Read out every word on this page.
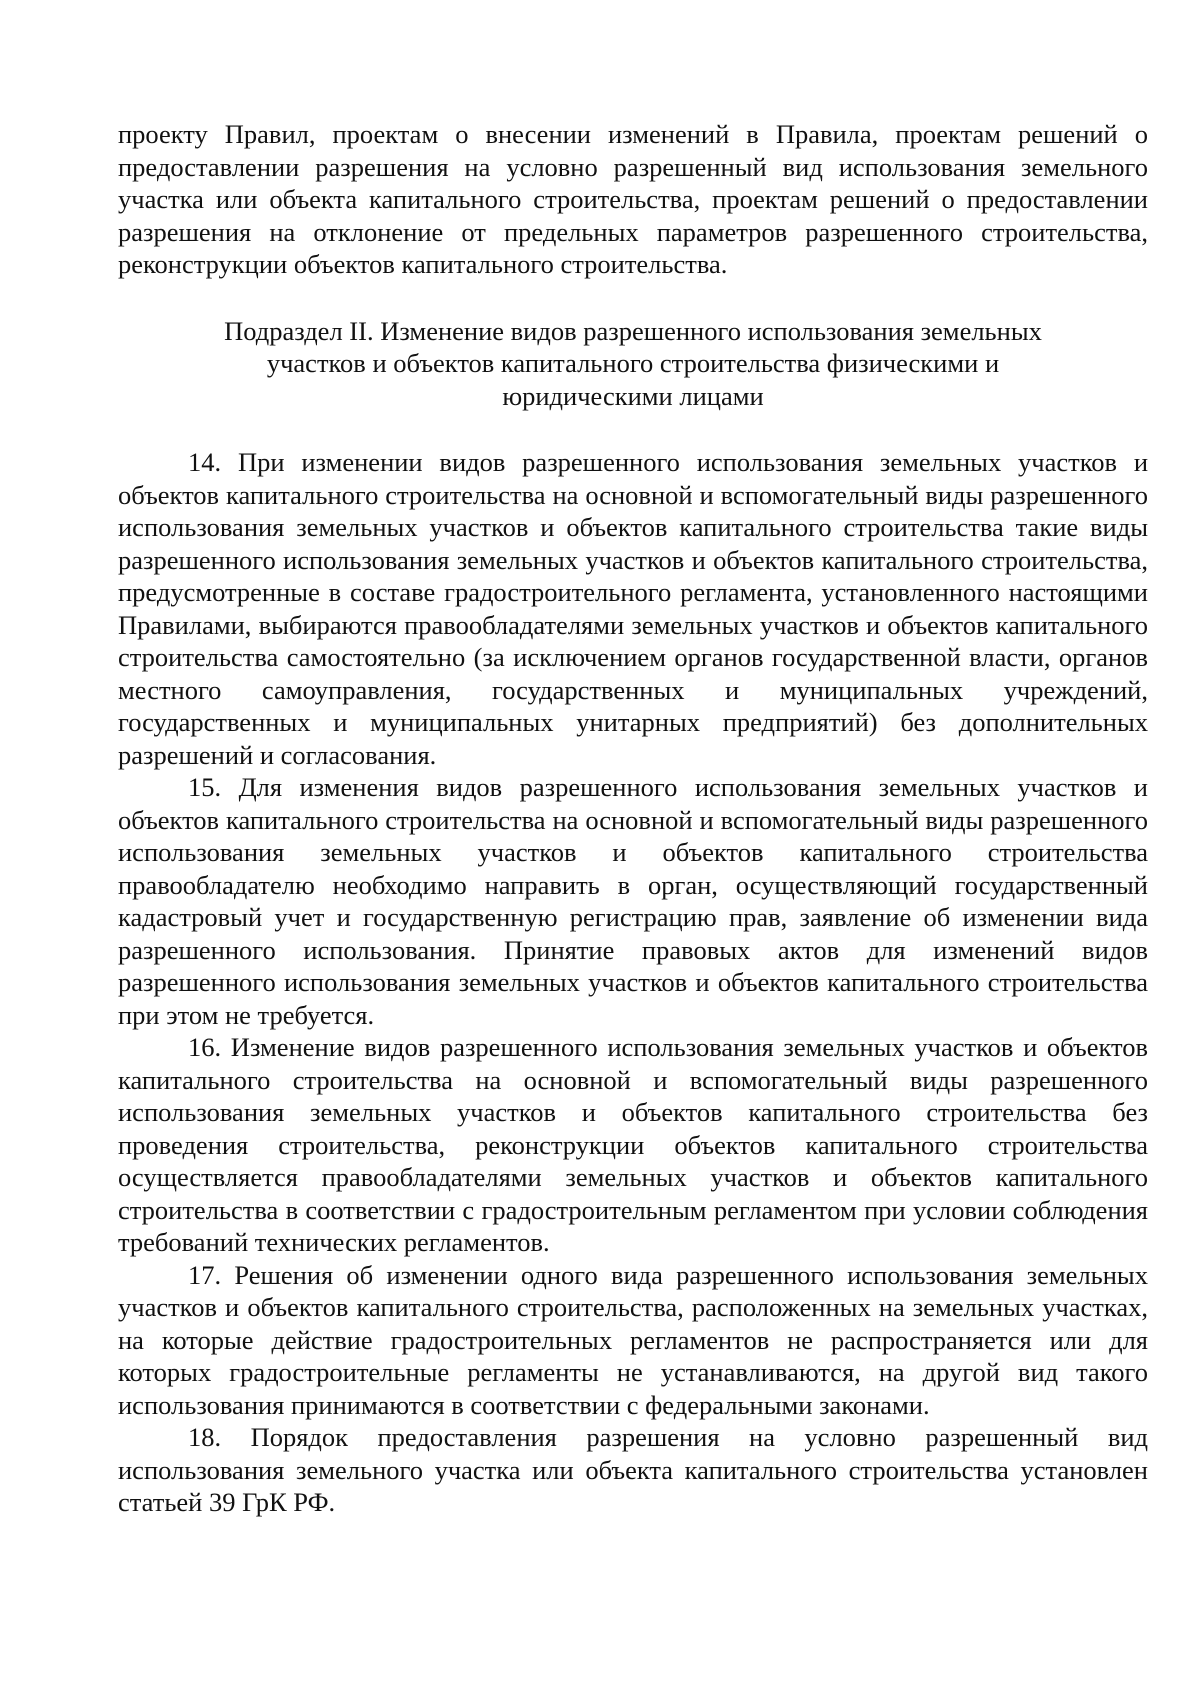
проекту Правил, проектам о внесении изменений в Правила, проектам решений о предоставлении разрешения на условно разрешенный вид использования земельного участка или объекта капитального строительства, проектам решений о предоставлении разрешения на отклонение от предельных параметров разрешенного строительства, реконструкции объектов капитального строительства.

Подраздел II. Изменение видов разрешенного использования земельных участков и объектов капитального строительства физическими и юридическими лицами

14. При изменении видов разрешенного использования земельных участков и объектов капитального строительства на основной и вспомогательный виды разрешенного использования земельных участков и объектов капитального строительства такие виды разрешенного использования земельных участков и объектов капитального строительства, предусмотренные в составе градостроительного регламента, установленного настоящими Правилами, выбираются правообладателями земельных участков и объектов капитального строительства самостоятельно (за исключением органов государственной власти, органов местного самоуправления, государственных и муниципальных учреждений, государственных и муниципальных унитарных предприятий) без дополнительных разрешений и согласования.

15. Для изменения видов разрешенного использования земельных участков и объектов капитального строительства на основной и вспомогательный виды разрешенного использования земельных участков и объектов капитального строительства правообладателю необходимо направить в орган, осуществляющий государственный кадастровый учет и государственную регистрацию прав, заявление об изменении вида разрешенного использования. Принятие правовых актов для изменений видов разрешенного использования земельных участков и объектов капитального строительства при этом не требуется.

16. Изменение видов разрешенного использования земельных участков и объектов капитального строительства на основной и вспомогательный виды разрешенного использования земельных участков и объектов капитального строительства без проведения строительства, реконструкции объектов капитального строительства осуществляется правообладателями земельных участков и объектов капитального строительства в соответствии с градостроительным регламентом при условии соблюдения требований технических регламентов.

17. Решения об изменении одного вида разрешенного использования земельных участков и объектов капитального строительства, расположенных на земельных участках, на которые действие градостроительных регламентов не распространяется или для которых градостроительные регламенты не устанавливаются, на другой вид такого использования принимаются в соответствии с федеральными законами.

18. Порядок предоставления разрешения на условно разрешенный вид использования земельного участка или объекта капитального строительства установлен статьей 39 ГрК РФ.
